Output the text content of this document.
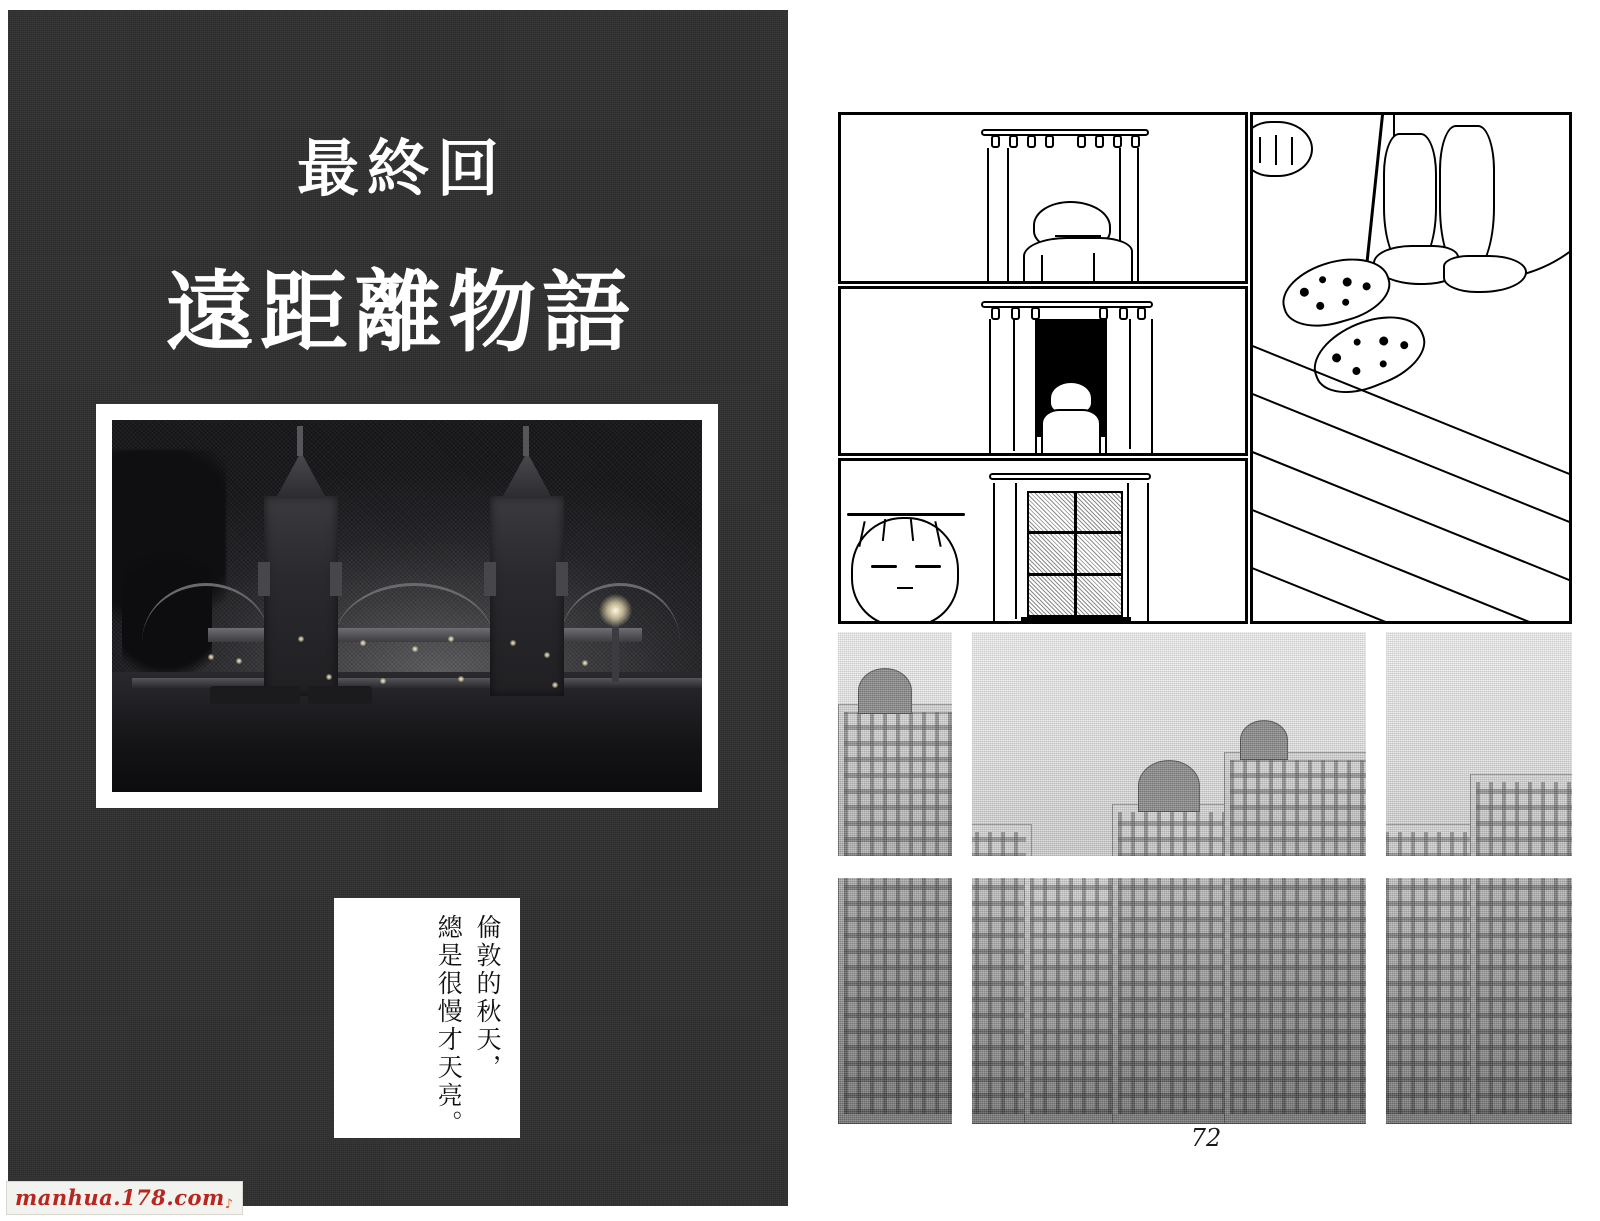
最終回
遠距離物語
倫敦的秋天，
總是很慢才天亮。	72
manhua.178.com♪
